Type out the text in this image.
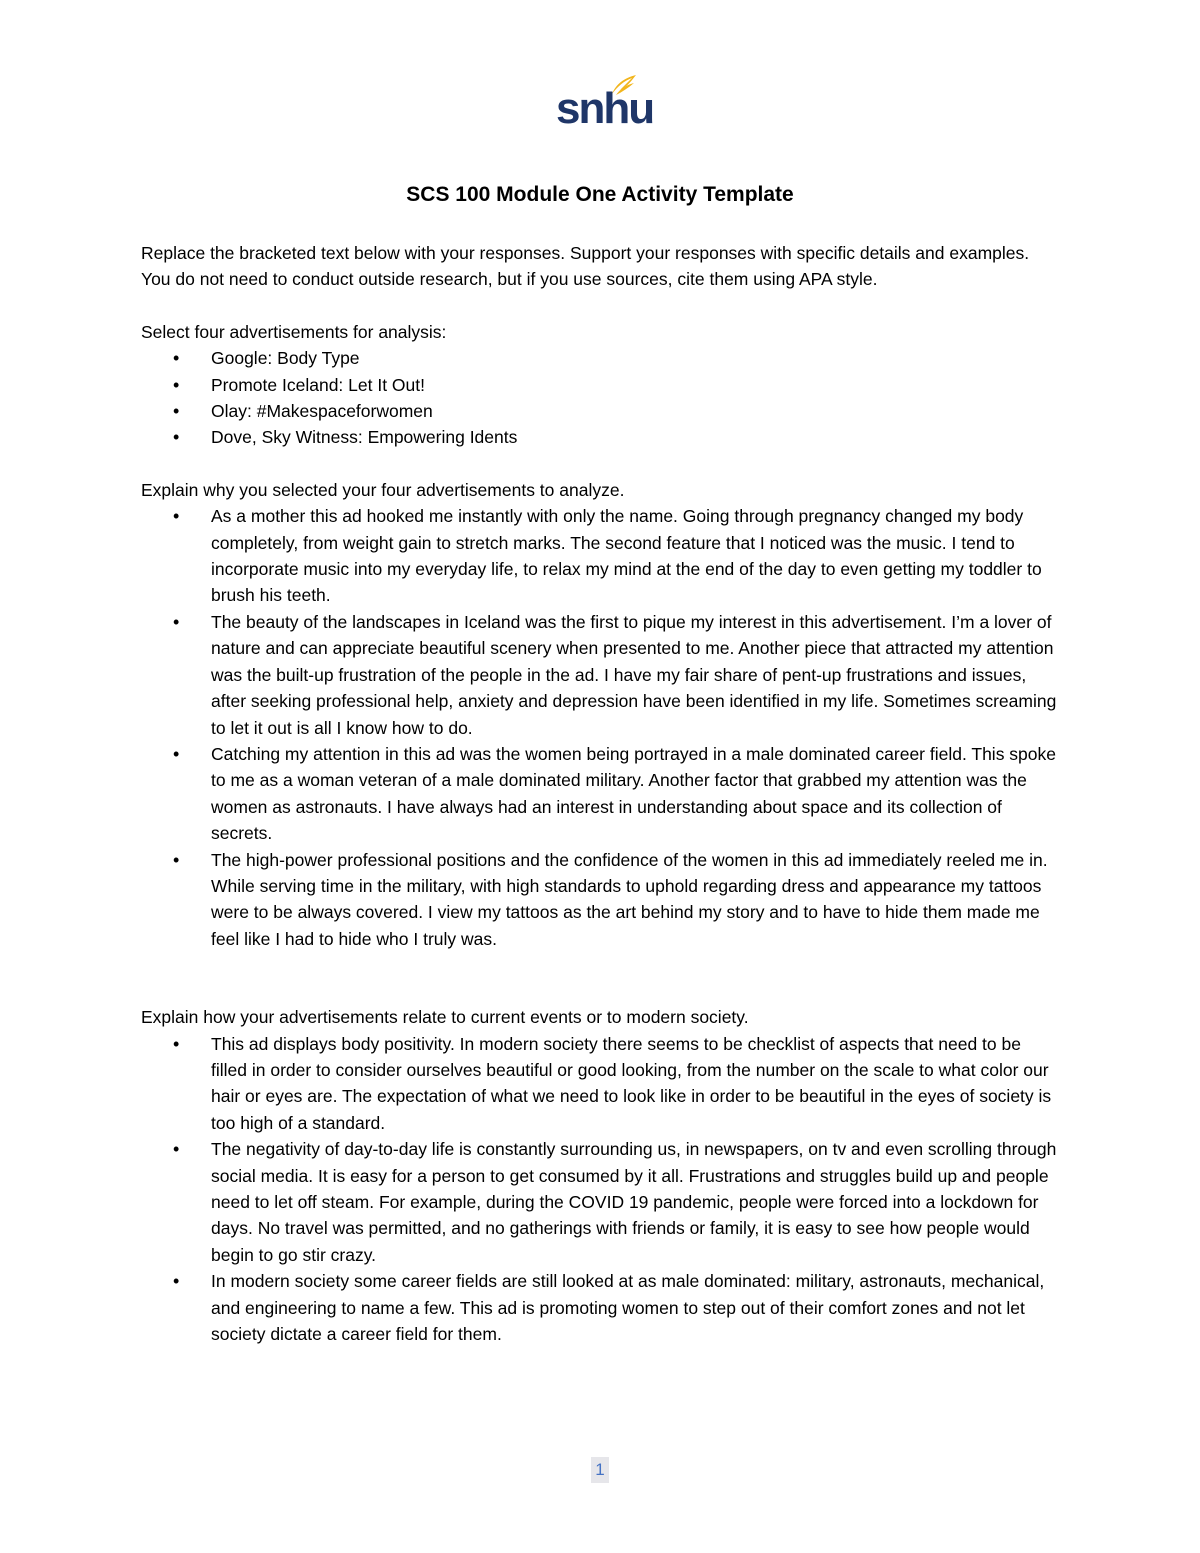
snhu
SCS 100 Module One Activity Template

Replace the bracketed text below with your responses. Support your responses with specific details and examples. You do not need to conduct outside research, but if you use sources, cite them using APA style.

Select four advertisements for analysis:

• Google: Body Type
• Promote Iceland: Let It Out!
• Olay: #Makespaceforwomen
• Dove, Sky Witness: Empowering Idents

Explain why you selected your four advertisements to analyze.

• As a mother this ad hooked me instantly with only the name. Going through pregnancy changed my body completely, from weight gain to stretch marks. The second feature that I noticed was the music. I tend to incorporate music into my everyday life, to relax my mind at the end of the day to even getting my toddler to brush his teeth.
• The beauty of the landscapes in Iceland was the first to pique my interest in this advertisement. I’m a lover of nature and can appreciate beautiful scenery when presented to me. Another piece that attracted my attention was the built-up frustration of the people in the ad. I have my fair share of pent-up frustrations and issues, after seeking professional help, anxiety and depression have been identified in my life. Sometimes screaming to let it out is all I know how to do.
• Catching my attention in this ad was the women being portrayed in a male dominated career field. This spoke to me as a woman veteran of a male dominated military. Another factor that grabbed my attention was the women as astronauts. I have always had an interest in understanding about space and its collection of secrets.
• The high-power professional positions and the confidence of the women in this ad immediately reeled me in. While serving time in the military, with high standards to uphold regarding dress and appearance my tattoos were to be always covered. I view my tattoos as the art behind my story and to have to hide them made me feel like I had to hide who I truly was.

Explain how your advertisements relate to current events or to modern society.

• This ad displays body positivity. In modern society there seems to be checklist of aspects that need to be filled in order to consider ourselves beautiful or good looking, from the number on the scale to what color our hair or eyes are. The expectation of what we need to look like in order to be beautiful in the eyes of society is too high of a standard.
• The negativity of day-to-day life is constantly surrounding us, in newspapers, on tv and even scrolling through social media. It is easy for a person to get consumed by it all. Frustrations and struggles build up and people need to let off steam. For example, during the COVID 19 pandemic, people were forced into a lockdown for days. No travel was permitted, and no gatherings with friends or family, it is easy to see how people would begin to go stir crazy.
• In modern society some career fields are still looked at as male dominated: military, astronauts, mechanical, and engineering to name a few. This ad is promoting women to step out of their comfort zones and not let society dictate a career field for them.
1
